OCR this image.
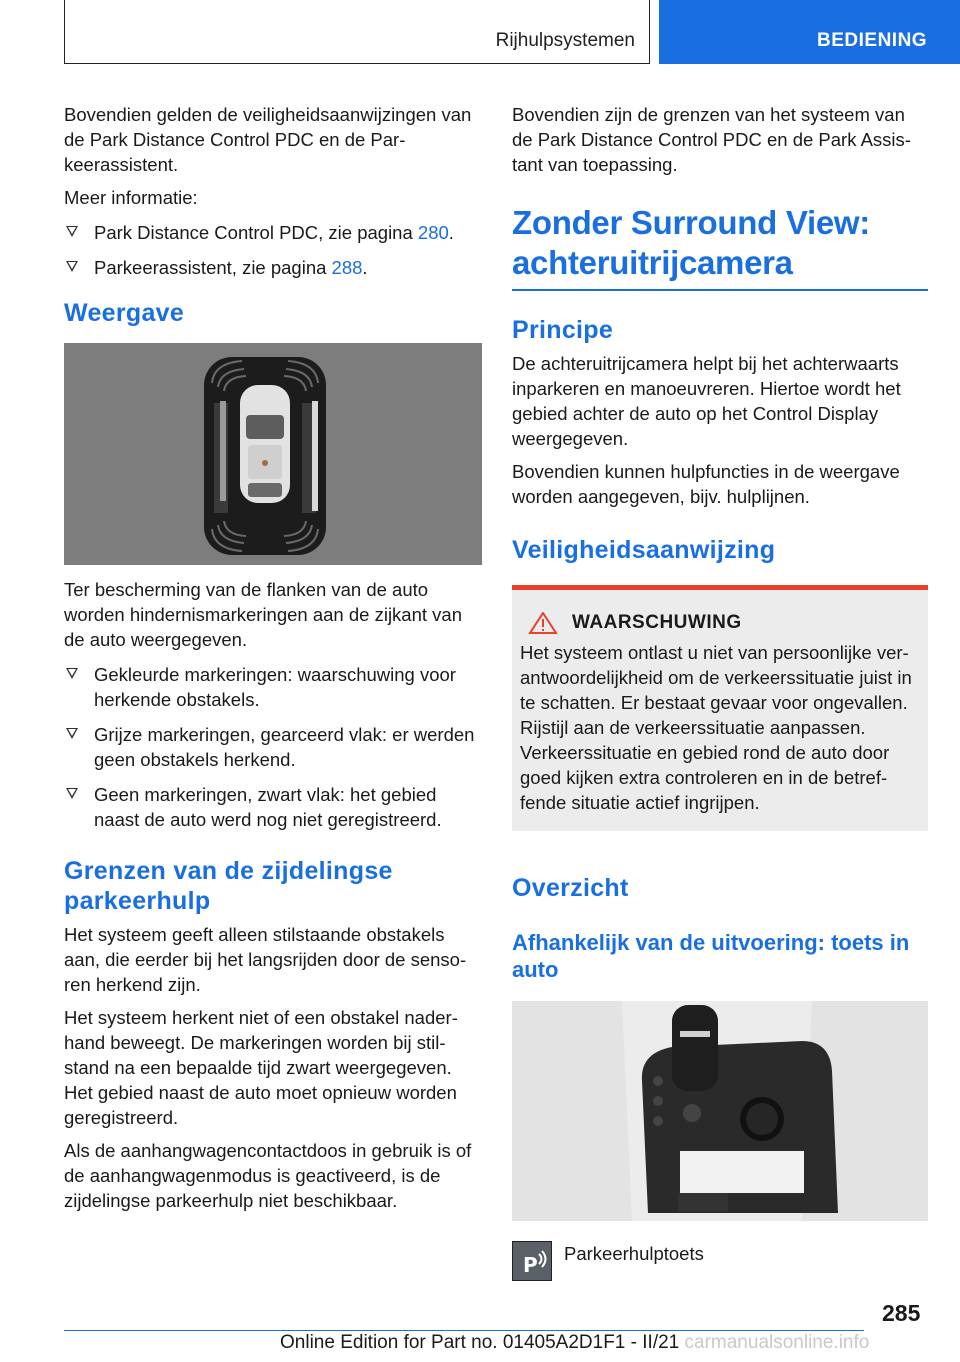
Rijhulpsystemen	BEDIENING

Bovendien gelden de veiligheidsaanwijzingen van de Park Distance Control PDC en de Parkeerassistent.

Meer informatie:

Park Distance Control PDC, zie pagina 280.
Parkeerassistent, zie pagina 288.
Weergave

Ter bescherming van de flanken van de auto worden hindernismarkeringen aan de zijkant van de auto weergegeven.

Gekleurde markeringen: waarschuwing voor herkende obstakels.
Grijze markeringen, gearceerd vlak: er werden geen obstakels herkend.
Geen markeringen, zwart vlak: het gebied naast de auto werd nog niet geregistreerd.
Grenzen van de zijdelingse parkeerhulp

Het systeem geeft alleen stilstaande obstakels aan, die eerder bij het langsrijden door de sensoren herkend zijn.

Het systeem herkent niet of een obstakel naderhand beweegt. De markeringen worden bij stilstand na een bepaalde tijd zwart weergegeven. Het gebied naast de auto moet opnieuw worden geregistreerd.

Als de aanhangwagencontactdoos in gebruik is of de aanhangwagenmodus is geactiveerd, is de zijdelingse parkeerhulp niet beschikbaar.

Bovendien zijn de grenzen van het systeem van de Park Distance Control PDC en de Park Assistant van toepassing.

Zonder Surround View: achteruitrijcamera
Principe

De achteruitrijcamera helpt bij het achterwaarts inparkeren en manoeuvreren. Hiertoe wordt het gebied achter de auto op het Control Display weergegeven.

Bovendien kunnen hulpfuncties in de weergave worden aangegeven, bijv. hulplijnen.

Veiligheidsaanwijzing
WAARSCHUWING

Het systeem ontlast u niet van persoonlijke verantwoordelijkheid om de verkeerssituatie juist in te schatten. Er bestaat gevaar voor ongevallen. Rijstijl aan de verkeerssituatie aanpassen. Verkeerssituatie en gebied rond de auto door goed kijken extra controleren en in de betreffende situatie actief ingrijpen.

Overzicht
Afhankelijk van de uitvoering: toets in auto
P Parkeerhulptoets
285
Online Edition for Part no. 01405A2D1F1 - II/21 carmanualsonline.info
